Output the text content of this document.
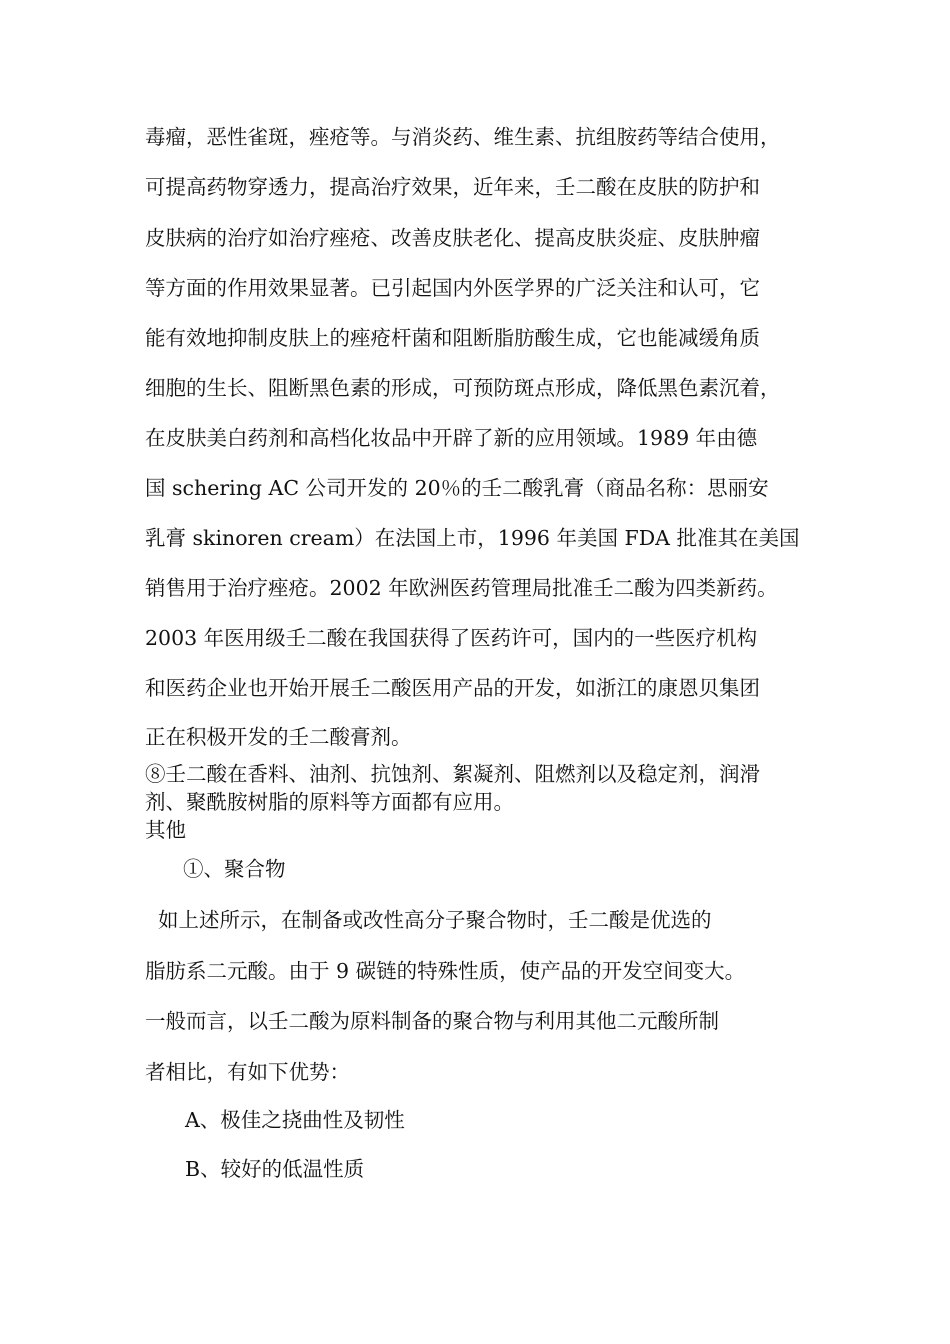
毒瘤，恶性雀斑，痤疮等。与消炎药、维生素、抗组胺药等结合使用，
可提高药物穿透力，提高治疗效果，近年来，壬二酸在皮肤的防护和
皮肤病的治疗如治疗痤疮、改善皮肤老化、提高皮肤炎症、皮肤肿瘤
等方面的作用效果显著。已引起国内外医学界的广泛关注和认可，它
能有效地抑制皮肤上的痤疮杆菌和阻断脂肪酸生成，它也能减缓角质
细胞的生长、阻断黑色素的形成，可预防斑点形成，降低黑色素沉着，
在皮肤美白药剂和高档化妆品中开辟了新的应用领域。1989 年由德
国 schering AC 公司开发的 20％的壬二酸乳膏（商品名称：思丽安
乳膏 skinoren cream）在法国上市，1996 年美国 FDA 批准其在美国
销售用于治疗痤疮。2002 年欧洲医药管理局批准壬二酸为四类新药。
2003 年医用级壬二酸在我国获得了医药许可，国内的一些医疗机构
和医药企业也开始开展壬二酸医用产品的开发，如浙江的康恩贝集团
正在积极开发的壬二酸膏剂。
⑧壬二酸在香料、油剂、抗蚀剂、絮凝剂、阻燃剂以及稳定剂，润滑
剂、聚酰胺树脂的原料等方面都有应用。
其他
①、聚合物
如上述所示，在制备或改性高分子聚合物时，壬二酸是优选的
脂肪系二元酸。由于 9 碳链的特殊性质，使产品的开发空间变大。
一般而言，以壬二酸为原料制备的聚合物与利用其他二元酸所制
者相比，有如下优势：
A、极佳之挠曲性及韧性
B、较好的低温性质
